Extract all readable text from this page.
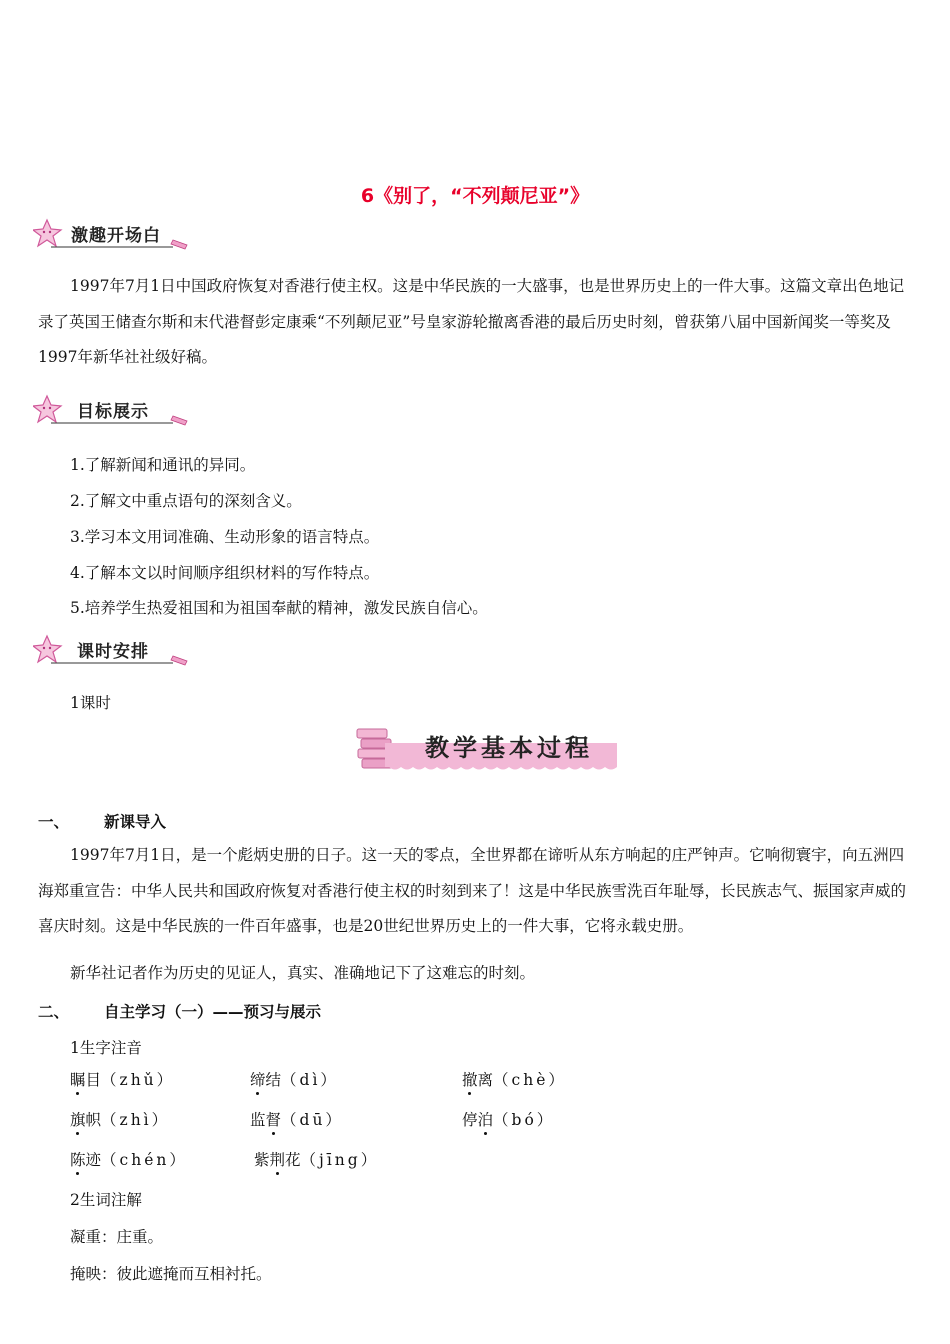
6《别了，“不列颠尼亚”》
激趣开场白
1997年7月1日中国政府恢复对香港行使主权。这是中华民族的一大盛事，也是世界历史上的一件大事。这篇文章出色地记录了英国王储查尔斯和末代港督彭定康乘“不列颠尼亚”号皇家游轮撤离香港的最后历史时刻，曾获第八届中国新闻奖一等奖及1997年新华社社级好稿。
目标展示
1.了解新闻和通讯的异同。
2.了解文中重点语句的深刻含义。
3.学习本文用词准确、生动形象的语言特点。
4.了解本文以时间顺序组织材料的写作特点。
5.培养学生热爱祖国和为祖国奉献的精神，激发民族自信心。
课时安排
1课时
教学基本过程
一、 新课导入
1997年7月1日，是一个彪炳史册的日子。这一天的零点，全世界都在谛听从东方响起的庄严钟声。它响彻寰宇，向五洲四海郑重宣告：中华人民共和国政府恢复对香港行使主权的时刻到来了！这是中华民族雪洗百年耻辱，长民族志气、振国家声威的喜庆时刻。这是中华民族的一件百年盛事，也是20世纪世界历史上的一件大事，它将永载史册。
新华社记者作为历史的见证人，真实、准确地记下了这难忘的时刻。
二、 自主学习（一）——预习与展示
1生字注音
瞩目（zhǔ）	缔结（dì）	撤离（chè）
旗帜（zhì）	监督（dū）	停泊（bó）
陈迹（chén）	紫荆花（jīng）
2生词注解
凝重：庄重。
掩映：彼此遮掩而互相衬托。
